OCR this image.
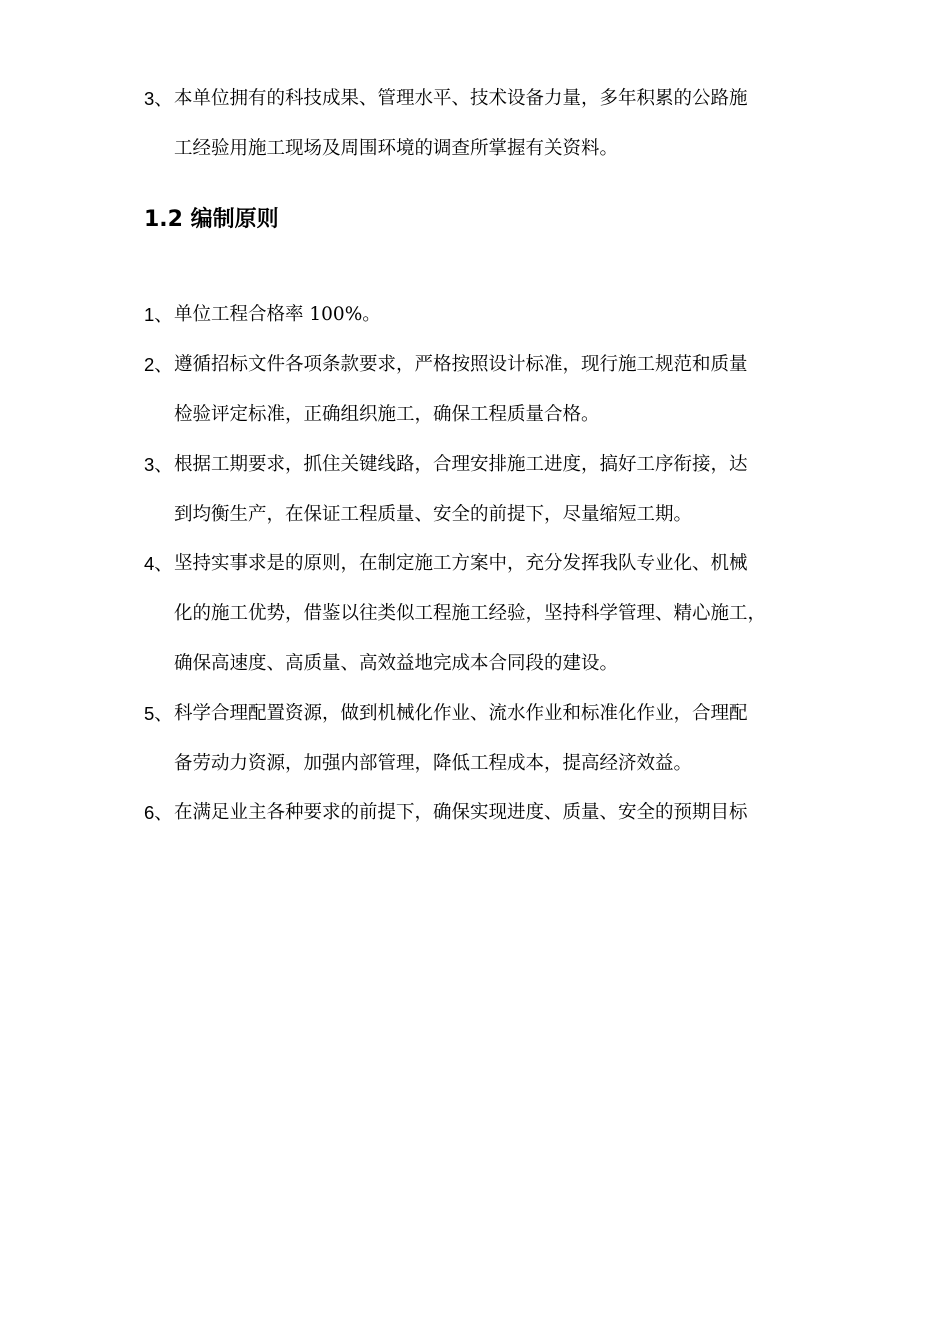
3、 本单位拥有的科技成果、管理水平、技术设备力量，多年积累的公路施
工经验用施工现场及周围环境的调查所掌握有关资料。
1.2 编制原则
1、 单位工程合格率 100%。
2、 遵循招标文件各项条款要求，严格按照设计标准，现行施工规范和质量
检验评定标准，正确组织施工，确保工程质量合格。
3、 根据工期要求，抓住关键线路，合理安排施工进度，搞好工序衔接，达
到均衡生产，在保证工程质量、安全的前提下，尽量缩短工期。
4、 坚持实事求是的原则，在制定施工方案中，充分发挥我队专业化、机械
化的施工优势，借鉴以往类似工程施工经验，坚持科学管理、精心施工，
确保高速度、高质量、高效益地完成本合同段的建设。
5、 科学合理配置资源，做到机械化作业、流水作业和标准化作业，合理配
备劳动力资源，加强内部管理，降低工程成本，提高经济效益。
6、 在满足业主各种要求的前提下，确保实现进度、质量、安全的预期目标
